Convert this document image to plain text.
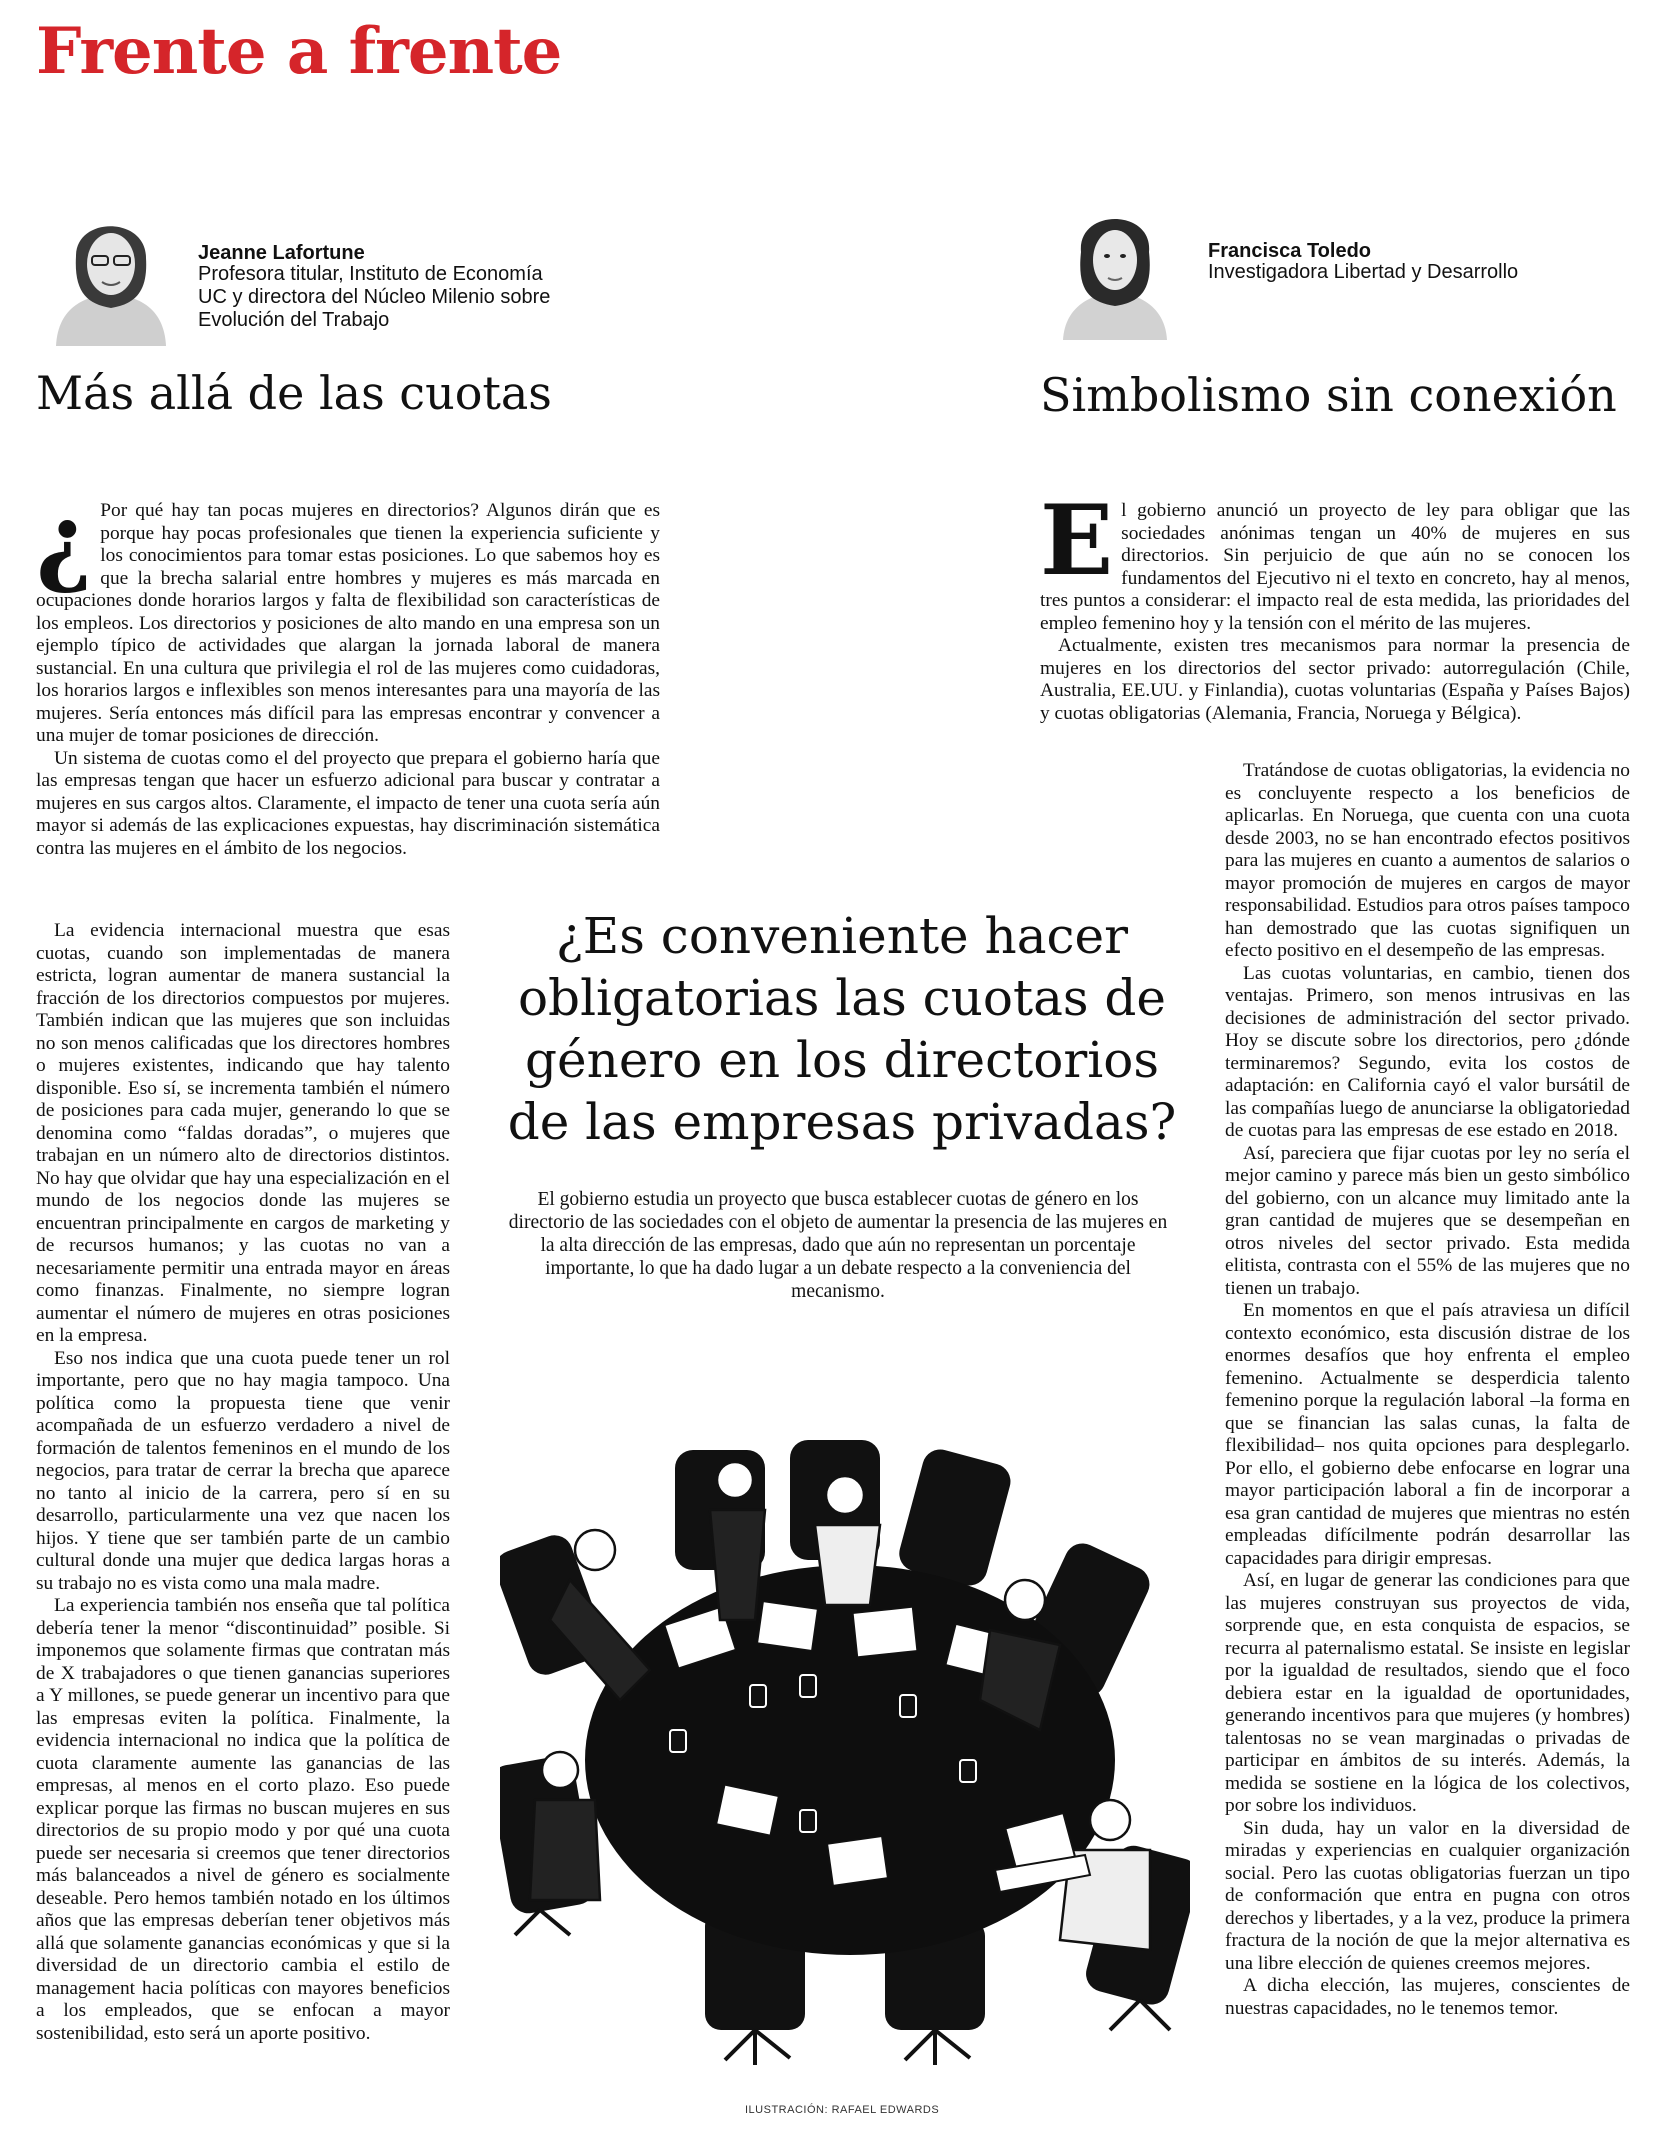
Frente a frente
Jeanne Lafortune
Profesora titular, Instituto de Economía
UC y directora del Núcleo Milenio sobre
Evolución del Trabajo
Francisca Toledo
Investigadora Libertad y Desarrollo
Más allá de las cuotas	Simbolismo sin conexión

¿ Por qué hay tan pocas mujeres en directorios? Algunos dirán que es porque hay pocas profesionales que tienen la experiencia suficiente y los conocimientos para tomar estas posiciones. Lo que sabemos hoy es que la brecha salarial entre hombres y mujeres es más marcada en ocupaciones donde horarios largos y falta de flexibilidad son características de los empleos. Los directorios y posiciones de alto mando en una empresa son un ejemplo típico de actividades que alargan la jornada laboral de manera sustancial. En una cultura que privilegia el rol de las mujeres como cuidadoras, los horarios largos e inflexibles son menos interesantes para una mayoría de las mujeres. Sería entonces más difícil para las empresas encontrar y convencer a una mujer de tomar posiciones de dirección.

Un sistema de cuotas como el del proyecto que prepara el gobierno haría que las empresas tengan que hacer un esfuerzo adicional para buscar y contratar a mujeres en sus cargos altos. Claramente, el impacto de tener una cuota sería aún mayor si además de las explicaciones expuestas, hay discriminación sistemática contra las mujeres en el ámbito de los negocios.

La evidencia internacional muestra que esas cuotas, cuando son implementadas de manera estricta, logran aumentar de manera sustancial la fracción de los directorios compuestos por mujeres. También indican que las mujeres que son incluidas no son menos calificadas que los directores hombres o mujeres existentes, indicando que hay talento disponible. Eso sí, se incrementa también el número de posiciones para cada mujer, generando lo que se denomina como “faldas doradas”, o mujeres que trabajan en un número alto de directorios distintos. No hay que olvidar que hay una especialización en el mundo de los negocios donde las mujeres se encuentran principalmente en cargos de marketing y de recursos humanos; y las cuotas no van a necesariamente permitir una entrada mayor en áreas como finanzas. Finalmente, no siempre logran aumentar el número de mujeres en otras posiciones en la empresa.

Eso nos indica que una cuota puede tener un rol importante, pero que no hay magia tampoco. Una política como la propuesta tiene que venir acompañada de un esfuerzo verdadero a nivel de formación de talentos femeninos en el mundo de los negocios, para tratar de cerrar la brecha que aparece no tanto al inicio de la carrera, pero sí en su desarrollo, particularmente una vez que nacen los hijos. Y tiene que ser también parte de un cambio cultural donde una mujer que dedica largas horas a su trabajo no es vista como una mala madre.

La experiencia también nos enseña que tal política debería tener la menor “discontinuidad” posible. Si imponemos que solamente firmas que contratan más de X trabajadores o que tienen ganancias superiores a Y millones, se puede generar un incentivo para que las empresas eviten la política. Finalmente, la evidencia internacional no indica que la política de cuota claramente aumente las ganancias de las empresas, al menos en el corto plazo. Eso puede explicar porque las firmas no buscan mujeres en sus directorios de su propio modo y por qué una cuota puede ser necesaria si creemos que tener directorios más balanceados a nivel de género es socialmente deseable. Pero hemos también notado en los últimos años que las empresas deberían tener objetivos más allá que solamente ganancias económicas y que si la diversidad de un directorio cambia el estilo de management hacia políticas con mayores beneficios a los empleados, que se enfocan a mayor sostenibilidad, esto será un aporte positivo.

El gobierno anunció un proyecto de ley para obligar que las sociedades anónimas tengan un 40% de mujeres en sus directorios. Sin perjuicio de que aún no se conocen los fundamentos del Ejecutivo ni el texto en concreto, hay al menos, tres puntos a considerar: el impacto real de esta medida, las prioridades del empleo femenino hoy y la tensión con el mérito de las mujeres.

Actualmente, existen tres mecanismos para normar la presencia de mujeres en los directorios del sector privado: autorregulación (Chile, Australia, EE.UU. y Finlandia), cuotas voluntarias (España y Países Bajos) y cuotas obligatorias (Alemania, Francia, Noruega y Bélgica).

Tratándose de cuotas obligatorias, la evidencia no es concluyente respecto a los beneficios de aplicarlas. En Noruega, que cuenta con una cuota desde 2003, no se han encontrado efectos positivos para las mujeres en cuanto a aumentos de salarios o mayor promoción de mujeres en cargos de mayor responsabilidad. Estudios para otros países tampoco han demostrado que las cuotas signifiquen un efecto positivo en el desempeño de las empresas.

Las cuotas voluntarias, en cambio, tienen dos ventajas. Primero, son menos intrusivas en las decisiones de administración del sector privado. Hoy se discute sobre los directorios, pero ¿dónde terminaremos? Segundo, evita los costos de adaptación: en California cayó el valor bursátil de las compañías luego de anunciarse la obligatoriedad de cuotas para las empresas de ese estado en 2018.

Así, pareciera que fijar cuotas por ley no sería el mejor camino y parece más bien un gesto simbólico del gobierno, con un alcance muy limitado ante la gran cantidad de mujeres que se desempeñan en otros niveles del sector privado. Esta medida elitista, contrasta con el 55% de las mujeres que no tienen un trabajo.

En momentos en que el país atraviesa un difícil contexto económico, esta discusión distrae de los enormes desafíos que hoy enfrenta el empleo femenino. Actualmente se desperdicia talento femenino porque la regulación laboral –la forma en que se financian las salas cunas, la falta de flexibilidad– nos quita opciones para desplegarlo. Por ello, el gobierno debe enfocarse en lograr una mayor participación laboral a fin de incorporar a esa gran cantidad de mujeres que mientras no estén empleadas difícilmente podrán desarrollar las capacidades para dirigir empresas.

Así, en lugar de generar las condiciones para que las mujeres construyan sus proyectos de vida, sorprende que, en esta conquista de espacios, se recurra al paternalismo estatal. Se insiste en legislar por la igualdad de resultados, siendo que el foco debiera estar en la igualdad de oportunidades, generando incentivos para que mujeres (y hombres) talentosas no se vean marginadas o privadas de participar en ámbitos de su interés. Además, la medida se sostiene en la lógica de los colectivos, por sobre los individuos.

Sin duda, hay un valor en la diversidad de miradas y experiencias en cualquier organización social. Pero las cuotas obligatorias fuerzan un tipo de conformación que entra en pugna con otros derechos y libertades, y a la vez, produce la primera fractura de la noción de que la mejor alternativa es una libre elección de quienes creemos mejores.

A dicha elección, las mujeres, conscientes de nuestras capacidades, no le tenemos temor.

¿Es conveniente hacer obligatorias las cuotas de género en los directorios de las empresas privadas?

El gobierno estudia un proyecto que busca establecer cuotas de género en los directorio de las sociedades con el objeto de aumentar la presencia de las mujeres en la alta dirección de las empresas, dado que aún no representan un porcentaje importante, lo que ha dado lugar a un debate respecto a la conveniencia del mecanismo.

ILUSTRACIÓN: RAFAEL EDWARDS
